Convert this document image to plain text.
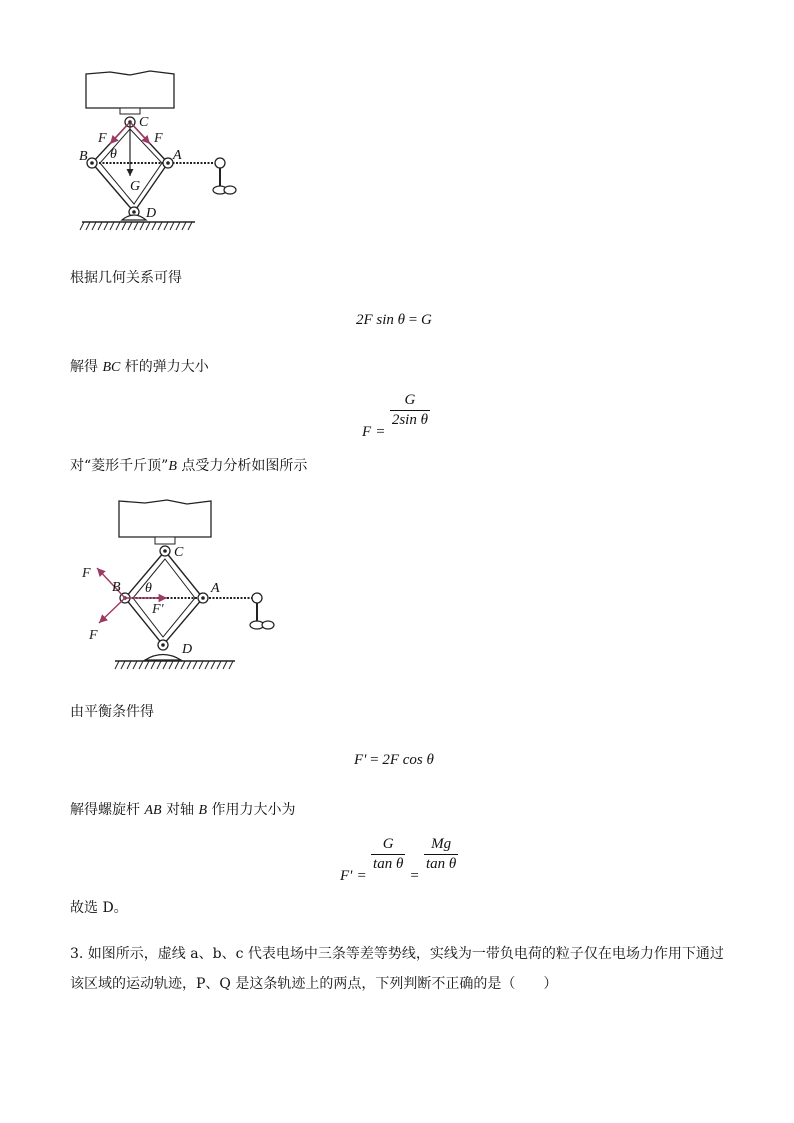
C
B	A
D
G
F	F
θ
根据几何关系可得
2F sin θ = G
解得 BC 杆的弹力大小
F =
$\frac{G}{\text{2sin θ}}$
对“菱形千斤顶”B 点受力分析如图所示
C
B	A
D
F
F
F′
θ
由平衡条件得
F' = 2F cos θ
解得螺旋杆 AB 对轴 B 作用力大小为
F' =
$\frac{G}{\text{tan θ}}$
=
$\frac{Mg}{\text{tan θ}}$
故选 D。
3. 如图所示，虚线 a、b、c 代表电场中三条等差等势线，实线为一带负电荷的粒子仅在电场力作用下通过
该区域的运动轨迹，P、Q 是这条轨迹上的两点，下列判断不正确的是（　　）
